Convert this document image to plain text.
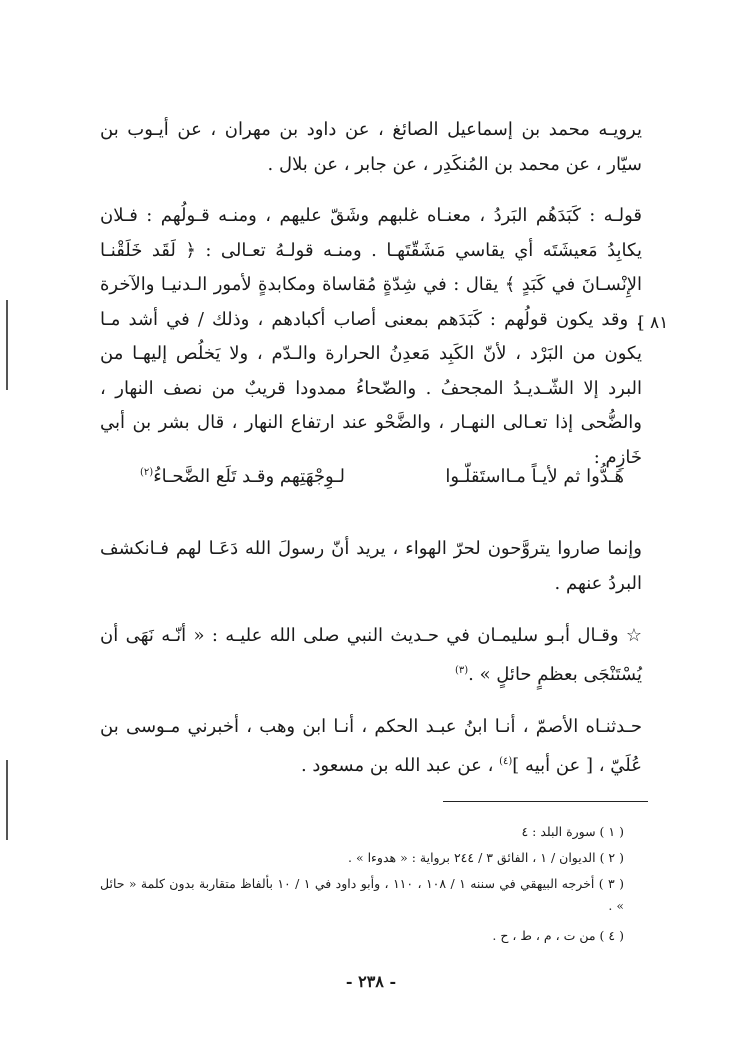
يرويـه محمد بن إسماعيل الصائغ ، عن داود بن مهران ، عن أيـوب بن سيّار ، عن محمد بن المُنكَدِر ، عن جابر ، عن بلال .

قولـه : كَبَدَهُم البَردُ ، معنـاه غلبهم وشَقّ عليهم ، ومنـه قـولُهم : فـلان يكابِدُ مَعيشَتَه أي يقاسي مَشَقّتَهـا . ومنـه قولـهُ تعـالى : ﴿ لَقَد خَلَقْنـا الإِنْسـانَ في كَبَدٍ ﴾ يقال : في شِدّةٍ مُقاساة ومكابدةٍ لأمور الـدنيـا والآخرة . وقد يكون قولُهم : كَبَدَهم بمعنى أصاب أكبادهم ، وذلك / في أشد مـا يكون من البَرْد ، لأنّ الكَبِد مَعدِنُ الحرارة والـدّم ، ولا يَخلُص إليهـا من البرد إلا الشّـديـدُ المجحفُ . والضّحاءُ ممدودا قريبٌ من نصف النهار ، والضُّحى إذا تعـالى النهـار ، والضَّحْو عند ارتفاع النهار ، قال بشر بن أبي خَازِم :

[ ٨١
هَـدُّوا ثم لأيـاً مـااستَقلّـوا
لـوِجْهَتِهم وقـد تَلَع الضَّحـاءُ$^{(٢)}$

وإنما صاروا يتروَّحون لحرّ الهواء ، يريد أنّ رسولَ الله دَعَـا لهم فـانكشف البردُ عنهم .

☆ وقـال أبـو سليمـان في حـديث النبي صلى الله عليـه : « أنّـه نَهَى أن يُسْتَنْجَى بعظمٍ حائلٍ » .$^{(٣)}$

حـدثنـاه الأصمّ ، أنـا ابنُ عبـد الحكم ، أنـا ابن وهب ، أخبرني مـوسى بن عُلَيّ ، [ عن أبيه ]$^{(٤)}$ ، عن عبد الله بن مسعود .

( ١ ) سورة البلد : ٤
( ٢ ) الديوان / ١ ، الفائق ٣ / ٢٤٤ برواية : « هدوءا » .
( ٣ ) أخرجه البيهقي في سننه ١ / ١٠٨ ، ١١٠ ، وأبو داود في ١ / ١٠ بألفاظ متقاربة بدون كلمة « حائل » .
( ٤ ) من ت ، م ، ط ، ح .
- ٢٣٨ -
